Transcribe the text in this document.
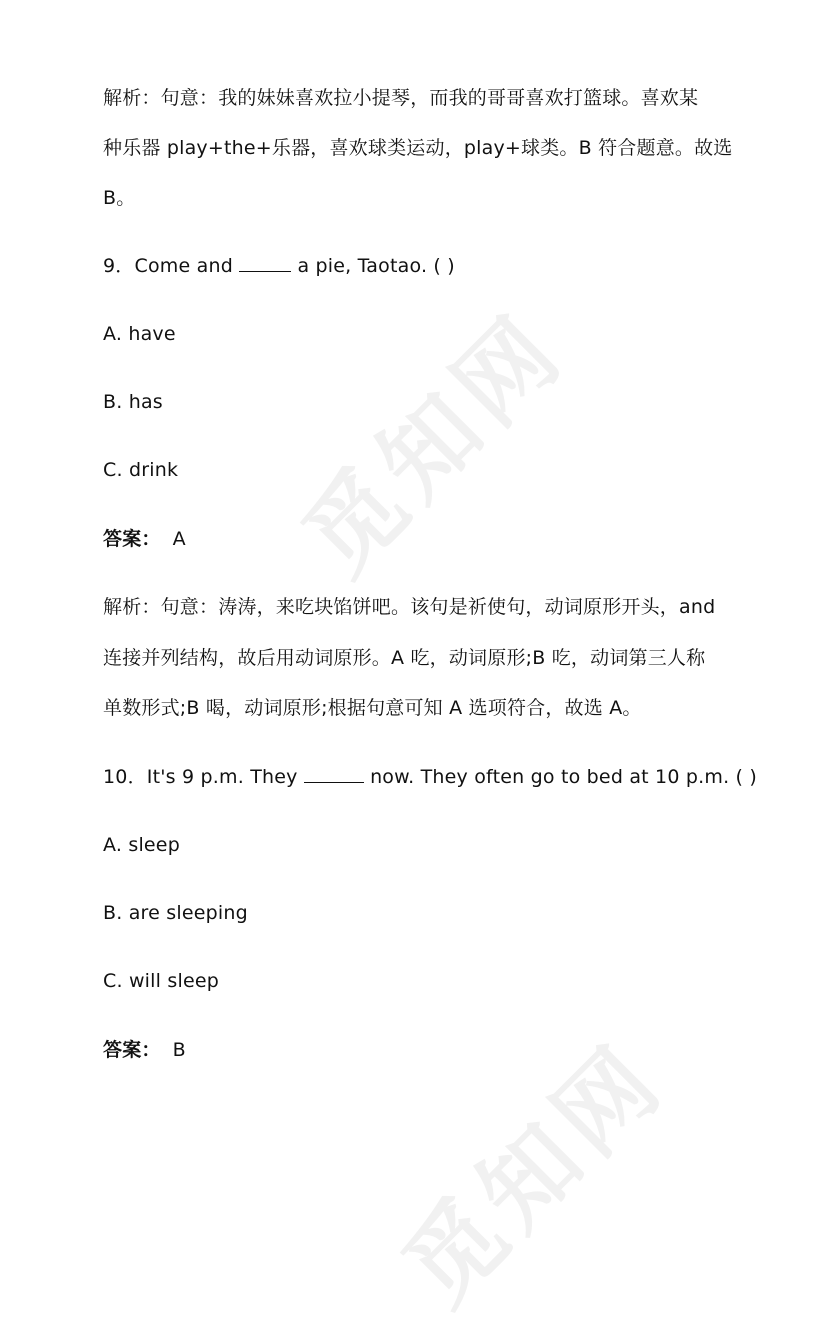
觅知网
觅知网
解析：句意：我的妹妹喜欢拉小提琴，而我的哥哥喜欢打篮球。喜欢某
种乐器 play+the+乐器，喜欢球类运动，play+球类。B 符合题意。故选
B。
9．Come and	a pie, Taotao. ( )
A. have
B. has
C. drink
答案： A
解析：句意：涛涛，来吃块馅饼吧。该句是祈使句，动词原形开头，and
连接并列结构，故后用动词原形。A 吃，动词原形;B 吃，动词第三人称
单数形式;B 喝，动词原形;根据句意可知 A 选项符合，故选 A。
10．It's 9 p.m. They	now. They often go to bed at 10 p.m. ( )
A. sleep
B. are sleeping
C. will sleep
答案： B
